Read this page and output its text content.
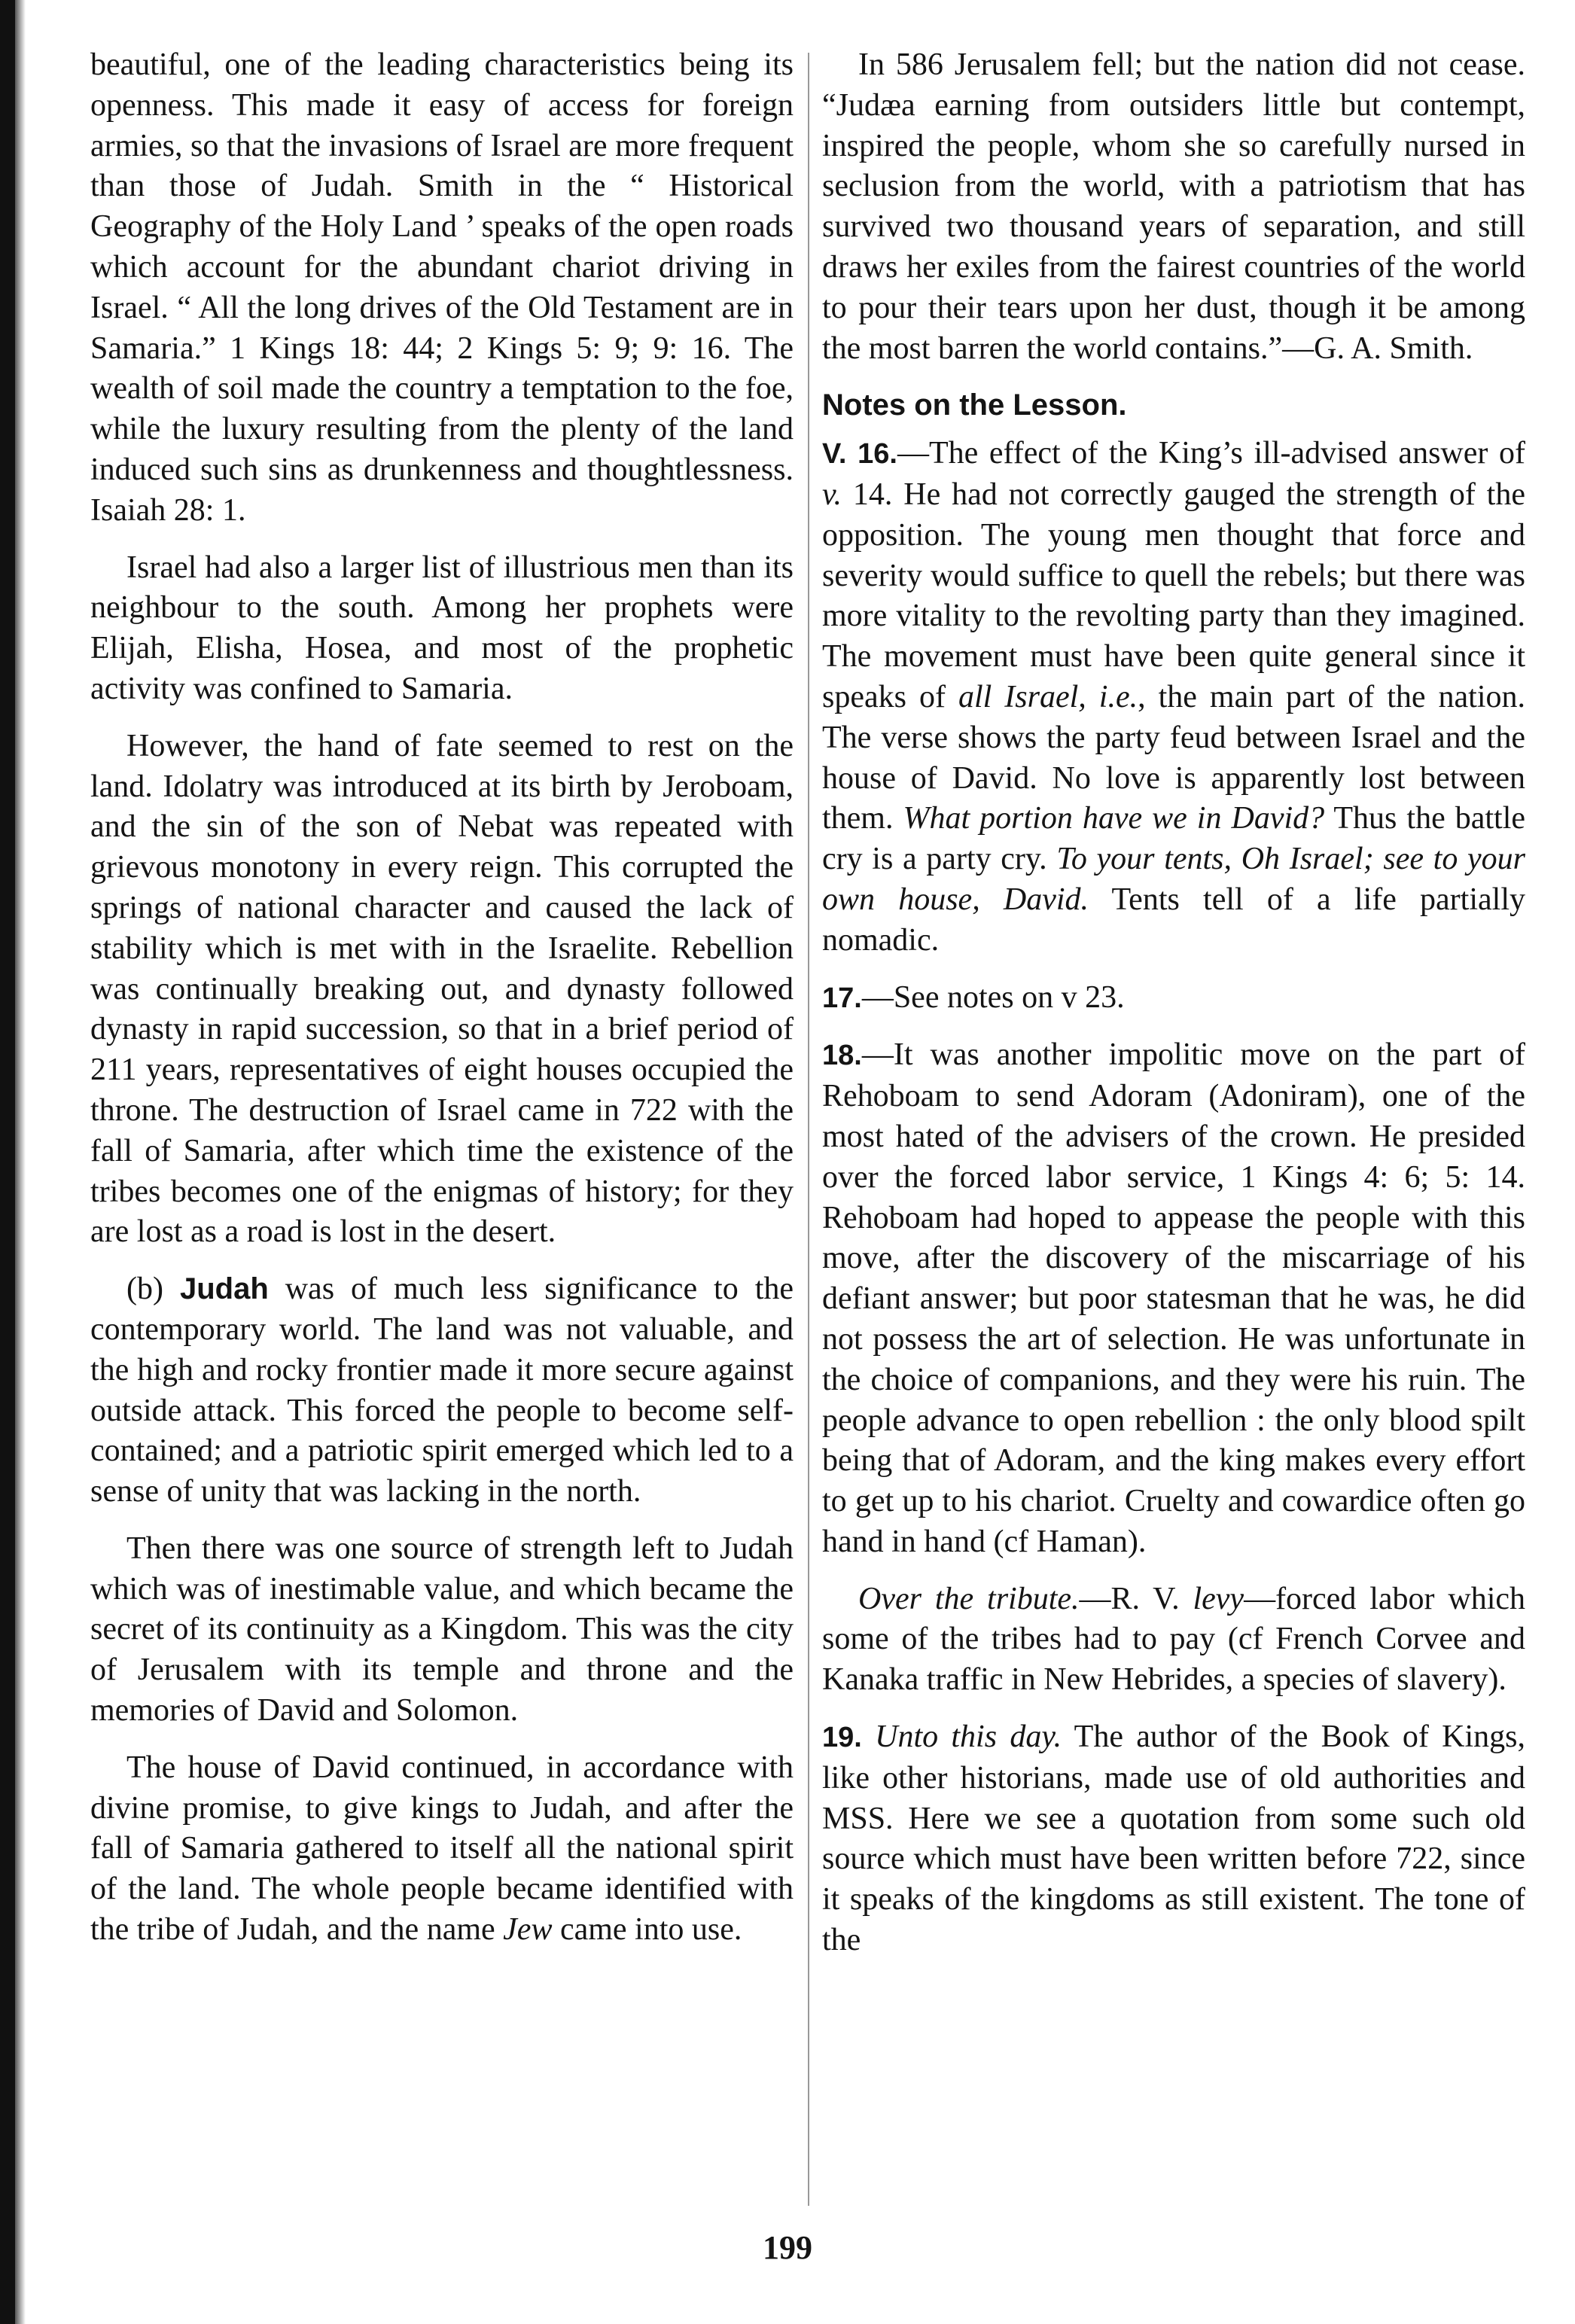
beautiful, one of the leading characteristics being its openness. This made it easy of access for foreign armies, so that the invasions of Israel are more frequent than those of Judah. Smith in the “ Historical Geography of the Holy Land ’ speaks of the open roads which account for the abundant chariot driving in Israel. “ All the long drives of the Old Testament are in Samaria.” 1 Kings 18: 44; 2 Kings 5: 9; 9: 16. The wealth of soil made the country a temptation to the foe, while the luxury resulting from the plenty of the land induced such sins as drunkenness and thoughtlessness. Isaiah 28: 1.

Israel had also a larger list of illustrious men than its neighbour to the south. Among her prophets were Elijah, Elisha, Hosea, and most of the prophetic activity was confined to Samaria.

However, the hand of fate seemed to rest on the land. Idolatry was introduced at its birth by Jeroboam, and the sin of the son of Nebat was repeated with grievous monotony in every reign. This corrupted the springs of national character and caused the lack of stability which is met with in the Israelite. Rebellion was continually breaking out, and dynasty followed dynasty in rapid succession, so that in a brief period of 211 years, representatives of eight houses occupied the throne. The destruction of Israel came in 722 with the fall of Samaria, after which time the existence of the tribes becomes one of the enigmas of history; for they are lost as a road is lost in the desert.

(b) Judah was of much less significance to the contemporary world. The land was not valuable, and the high and rocky frontier made it more secure against outside attack. This forced the people to become self-contained; and a patriotic spirit emerged which led to a sense of unity that was lacking in the north.

Then there was one source of strength left to Judah which was of inestimable value, and which became the secret of its continuity as a Kingdom. This was the city of Jerusalem with its temple and throne and the memories of David and Solomon.

The house of David continued, in accordance with divine promise, to give kings to Judah, and after the fall of Samaria gathered to itself all the national spirit of the land. The whole people became identified with the tribe of Judah, and the name Jew came into use.

In 586 Jerusalem fell; but the nation did not cease. “Judæa earning from outsiders little but contempt, inspired the people, whom she so carefully nursed in seclusion from the world, with a patriotism that has survived two thousand years of separation, and still draws her exiles from the fairest countries of the world to pour their tears upon her dust, though it be among the most barren the world contains.”—G. A. Smith.

Notes on the Lesson.

V. 16.—The effect of the King’s ill-advised answer of v. 14. He had not correctly gauged the strength of the opposition. The young men thought that force and severity would suffice to quell the rebels; but there was more vitality to the revolting party than they imagined. The movement must have been quite general since it speaks of all Israel, i.e., the main part of the nation. The verse shows the party feud between Israel and the house of David. No love is apparently lost between them. What portion have we in David? Thus the battle cry is a party cry. To your tents, Oh Israel; see to your own house, David. Tents tell of a life partially nomadic.

17.—See notes on v 23.

18.—It was another impolitic move on the part of Rehoboam to send Adoram (Adoniram), one of the most hated of the advisers of the crown. He presided over the forced labor service, 1 Kings 4: 6; 5: 14. Rehoboam had hoped to appease the people with this move, after the discovery of the miscarriage of his defiant answer; but poor statesman that he was, he did not possess the art of selection. He was unfortunate in the choice of companions, and they were his ruin. The people advance to open rebellion : the only blood spilt being that of Adoram, and the king makes every effort to get up to his chariot. Cruelty and cowardice often go hand in hand (cf Haman).

Over the tribute.—R. V. levy—forced labor which some of the tribes had to pay (cf French Corvee and Kanaka traffic in New Hebrides, a species of slavery).

19. Unto this day. The author of the Book of Kings, like other historians, made use of old authorities and MSS. Here we see a quotation from some such old source which must have been written before 722, since it speaks of the kingdoms as still existent. The tone of the

199
